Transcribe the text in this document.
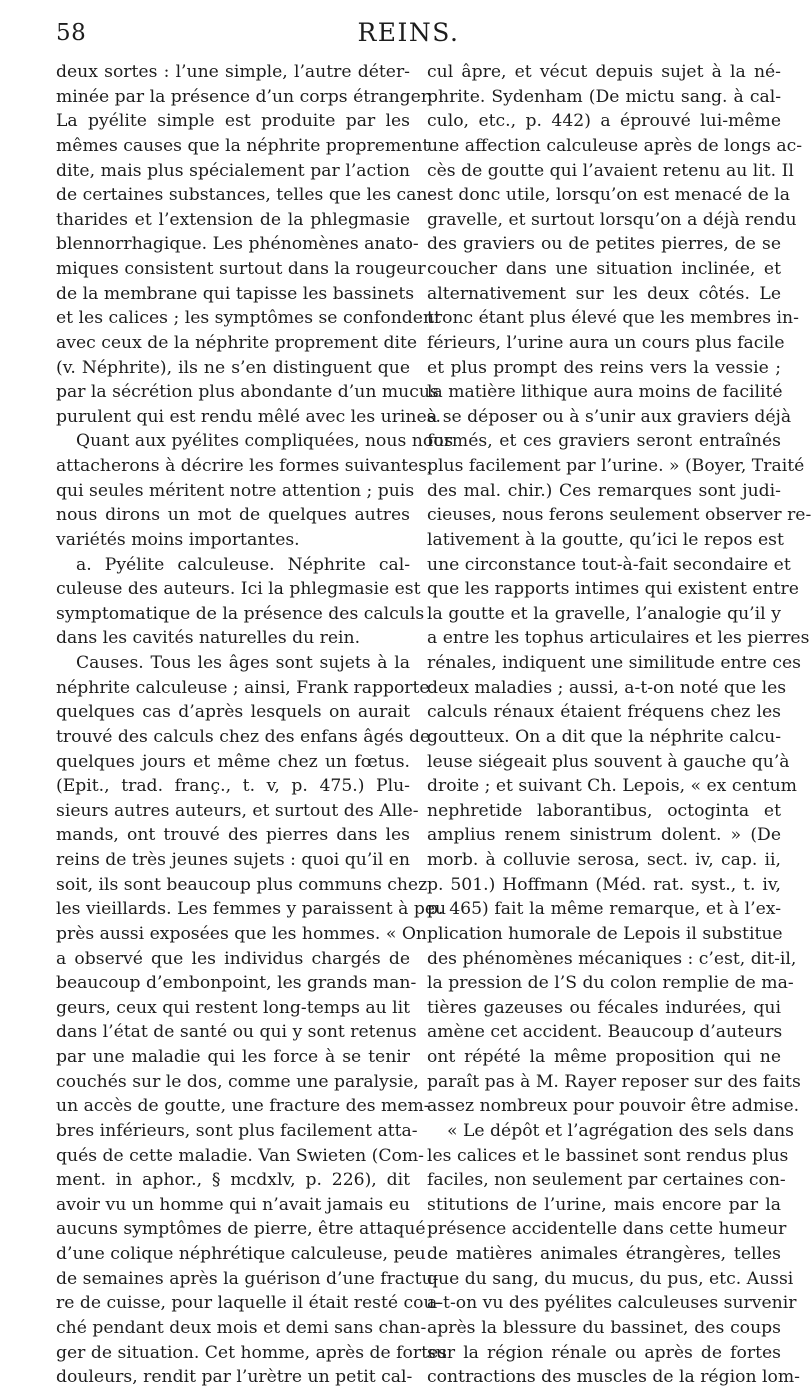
58	REINS.
deux sortes : l’une simple, l’autre déter-
minée par la présence d’un corps étranger.
La pyélite simple est produite par les
mêmes causes que la néphrite proprement
dite, mais plus spécialement par l’action
de certaines substances, telles que les can-
tharides et l’extension de la phlegmasie
blennorrhagique. Les phénomènes anato-
miques consistent surtout dans la rougeur
de la membrane qui tapisse les bassinets
et les calices ; les symptômes se confondent
avec ceux de la néphrite proprement dite
(v. Néphrite), ils ne s’en distinguent que
par la sécrétion plus abondante d’un mucus
purulent qui est rendu mêlé avec les urines.
Quant aux pyélites compliquées, nous nous
attacherons à décrire les formes suivantes,
qui seules méritent notre attention ; puis
nous dirons un mot de quelques autres
variétés moins importantes.
a. Pyélite calculeuse. Néphrite cal-
culeuse des auteurs. Ici la phlegmasie est
symptomatique de la présence des calculs
dans les cavités naturelles du rein.
Causes. Tous les âges sont sujets à la
néphrite calculeuse ; ainsi, Frank rapporte
quelques cas d’après lesquels on aurait
trouvé des calculs chez des enfans âgés de
quelques jours et même chez un fœtus.
(Epit., trad. franç., t. v, p. 475.) Plu-
sieurs autres auteurs, et surtout des Alle-
mands, ont trouvé des pierres dans les
reins de très jeunes sujets : quoi qu’il en
soit, ils sont beaucoup plus communs chez
les vieillards. Les femmes y paraissent à peu
près aussi exposées que les hommes. « On
a observé que les individus chargés de
beaucoup d’embonpoint, les grands man-
geurs, ceux qui restent long-temps au lit
dans l’état de santé ou qui y sont retenus
par une maladie qui les force à se tenir
couchés sur le dos, comme une paralysie,
un accès de goutte, une fracture des mem-
bres inférieurs, sont plus facilement atta-
qués de cette maladie. Van Swieten (Com-
ment. in aphor., § mcdxlv, p. 226), dit
avoir vu un homme qui n’avait jamais eu
aucuns symptômes de pierre, être attaqué
d’une colique néphrétique calculeuse, peu
de semaines après la guérison d’une fractu-
re de cuisse, pour laquelle il était resté cou-
ché pendant deux mois et demi sans chan-
ger de situation. Cet homme, après de fortes
douleurs, rendit par l’urètre un petit cal-
cul âpre, et vécut depuis sujet à la né-
phrite. Sydenham (De mictu sang. à cal-
culo, etc., p. 442) a éprouvé lui-même
une affection calculeuse après de longs ac-
cès de goutte qui l’avaient retenu au lit. Il
est donc utile, lorsqu’on est menacé de la
gravelle, et surtout lorsqu’on a déjà rendu
des graviers ou de petites pierres, de se
coucher dans une situation inclinée, et
alternativement sur les deux côtés. Le
tronc étant plus élevé que les membres in-
férieurs, l’urine aura un cours plus facile
et plus prompt des reins vers la vessie ;
la matière lithique aura moins de facilité
à se déposer ou à s’unir aux graviers déjà
formés, et ces graviers seront entraînés
plus facilement par l’urine. » (Boyer, Traité
des mal. chir.) Ces remarques sont judi-
cieuses, nous ferons seulement observer re-
lativement à la goutte, qu’ici le repos est
une circonstance tout-à-fait secondaire et
que les rapports intimes qui existent entre
la goutte et la gravelle, l’analogie qu’il y
a entre les tophus articulaires et les pierres
rénales, indiquent une similitude entre ces
deux maladies ; aussi, a-t-on noté que les
calculs rénaux étaient fréquens chez les
goutteux. On a dit que la néphrite calcu-
leuse siégeait plus souvent à gauche qu’à
droite ; et suivant Ch. Lepois, « ex centum
nephretide laborantibus, octoginta et
amplius renem sinistrum dolent. » (De
morb. à colluvie serosa, sect. iv, cap. ii,
p. 501.) Hoffmann (Méd. rat. syst., t. iv,
p. 465) fait la même remarque, et à l’ex-
plication humorale de Lepois il substitue
des phénomènes mécaniques : c’est, dit-il,
la pression de l’S du colon remplie de ma-
tières gazeuses ou fécales indurées, qui
amène cet accident. Beaucoup d’auteurs
ont répété la même proposition qui ne
paraît pas à M. Rayer reposer sur des faits
assez nombreux pour pouvoir être admise.
« Le dépôt et l’agrégation des sels dans
les calices et le bassinet sont rendus plus
faciles, non seulement par certaines con-
stitutions de l’urine, mais encore par la
présence accidentelle dans cette humeur
de matières animales étrangères, telles
que du sang, du mucus, du pus, etc. Aussi
a-t-on vu des pyélites calculeuses survenir
après la blessure du bassinet, des coups
sur la région rénale ou après de fortes
contractions des muscles de la région lom-
